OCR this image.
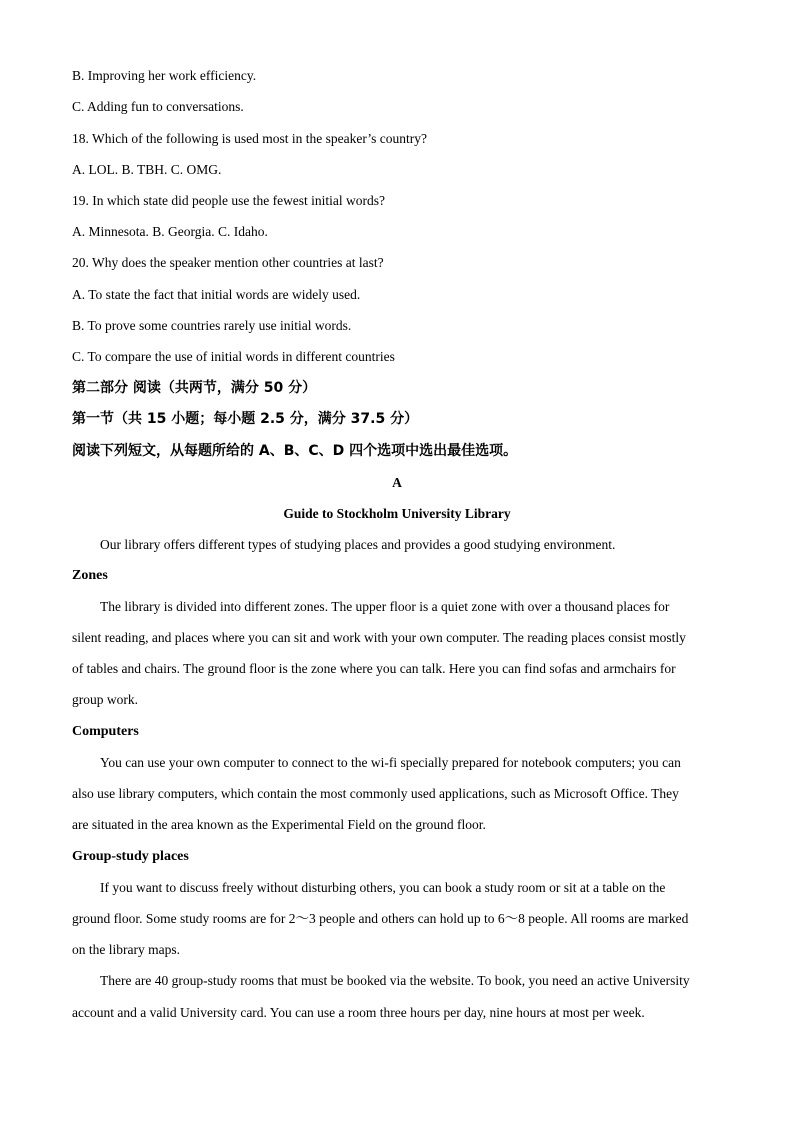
B. Improving her work efficiency.
C. Adding fun to conversations.
18. Which of the following is used most in the speaker’s country?
A. LOL. B. TBH. C. OMG.
19. In which state did people use the fewest initial words?
A. Minnesota. B. Georgia. C. Idaho.
20. Why does the speaker mention other countries at last?
A. To state the fact that initial words are widely used.
B. To prove some countries rarely use initial words.
C. To compare the use of initial words in different countries
第二部分 阅读（共两节，满分 50 分）
第一节（共 15 小题；每小题 2.5 分，满分 37.5 分）
阅读下列短文，从每题所给的 A、B、C、D 四个选项中选出最佳选项。
A
Guide to Stockholm University Library
Our library offers different types of studying places and provides a good studying environment.
Zones
The library is divided into different zones. The upper floor is a quiet zone with over a thousand places for
silent reading, and places where you can sit and work with your own computer. The reading places consist mostly
of tables and chairs. The ground floor is the zone where you can talk. Here you can find sofas and armchairs for
group work.
Computers
You can use your own computer to connect to the wi-fi specially prepared for notebook computers; you can
also use library computers, which contain the most commonly used applications, such as Microsoft Office. They
are situated in the area known as the Experimental Field on the ground floor.
Group-study places
If you want to discuss freely without disturbing others, you can book a study room or sit at a table on the
ground floor. Some study rooms are for 2～3 people and others can hold up to 6～8 people. All rooms are marked
on the library maps.
There are 40 group-study rooms that must be booked via the website. To book, you need an active University
account and a valid University card. You can use a room three hours per day, nine hours at most per week.
